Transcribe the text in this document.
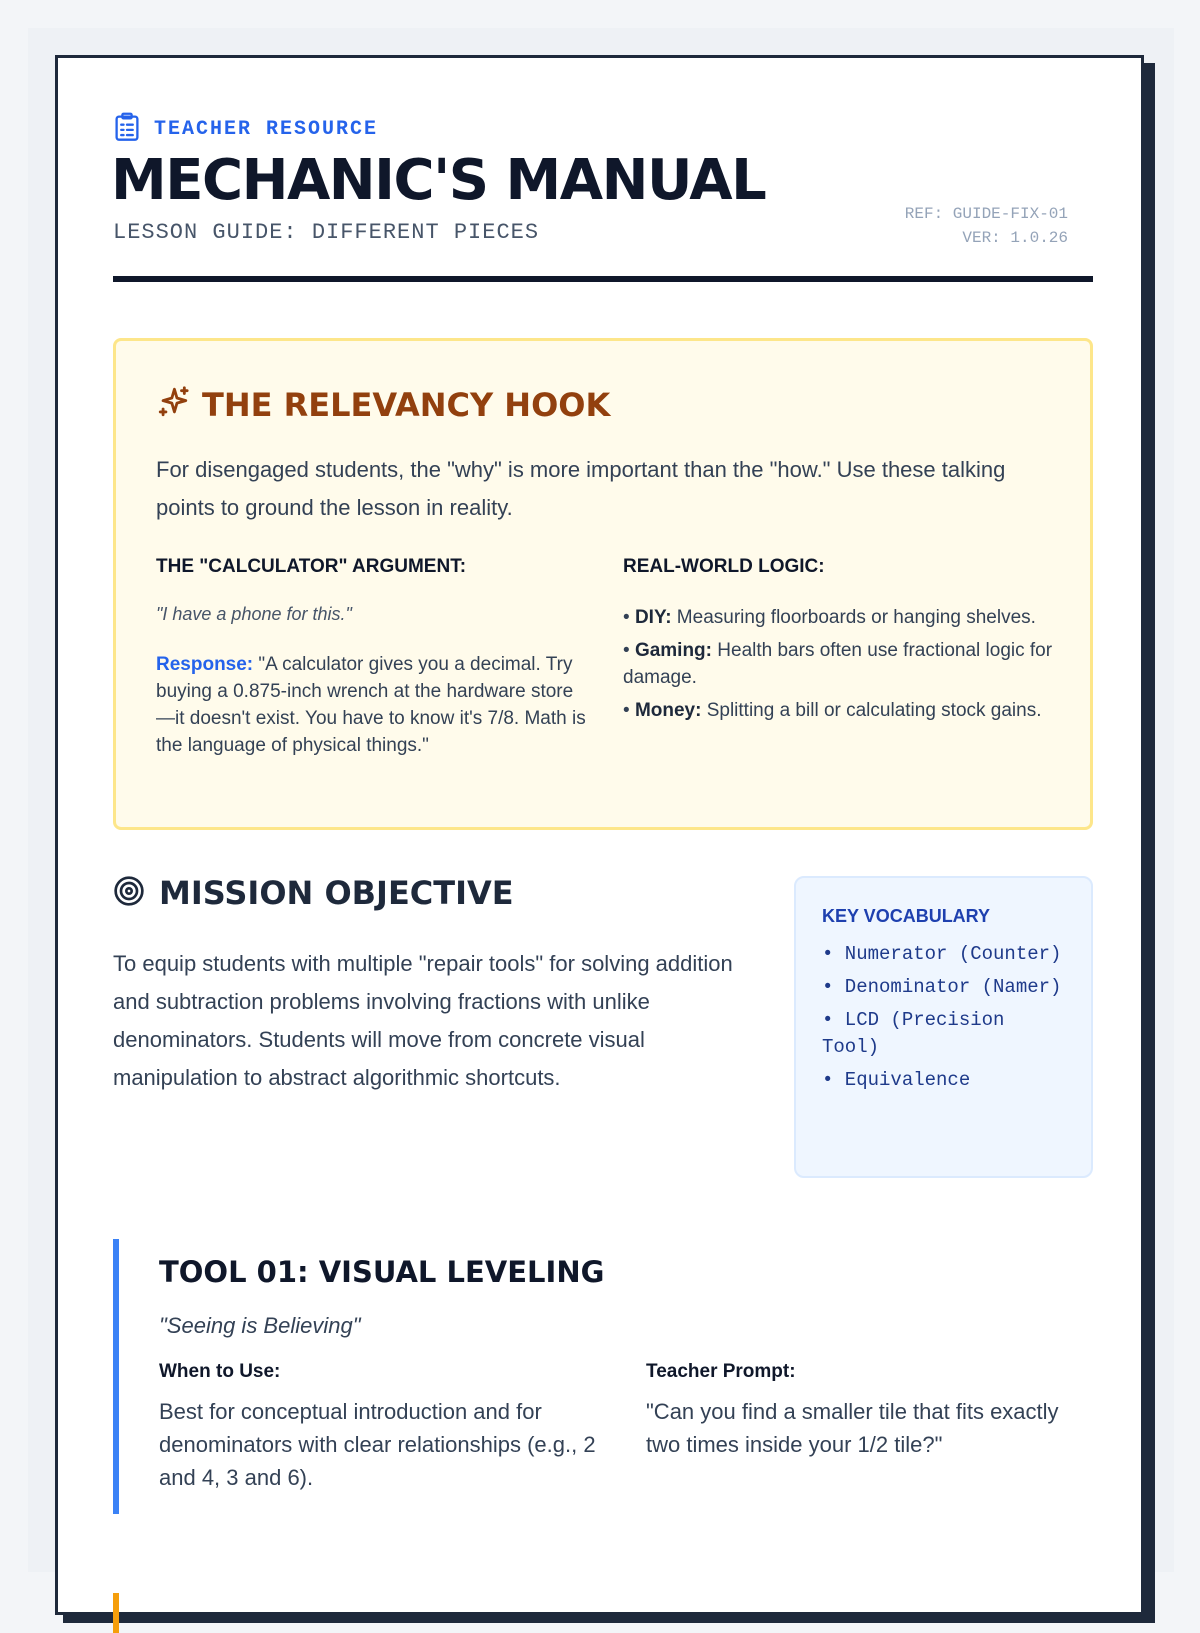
TEACHER RESOURCE
MECHANIC'S MANUAL
LESSON GUIDE: DIFFERENT PIECES
REF: GUIDE-FIX-01
VER: 1.0.26
THE RELEVANCY HOOK
For disengaged students, the "why" is more important than the "how." Use these talking points to ground the lesson in reality.
THE "CALCULATOR" ARGUMENT:
"I have a phone for this."
Response: "A calculator gives you a decimal. Try buying a 0.875-inch wrench at the hardware store—it doesn't exist. You have to know it's 7/8. Math is the language of physical things."
REAL-WORLD LOGIC:
• DIY: Measuring floorboards or hanging shelves.
• Gaming: Health bars often use fractional logic for damage.
• Money: Splitting a bill or calculating stock gains.
MISSION OBJECTIVE
To equip students with multiple "repair tools" for solving addition and subtraction problems involving fractions with unlike denominators. Students will move from concrete visual manipulation to abstract algorithmic shortcuts.
KEY VOCABULARY
• Numerator (Counter)
• Denominator (Namer)
• LCD (Precision Tool)
• Equivalence
TOOL 01: VISUAL LEVELING
"Seeing is Believing"
When to Use:
Best for conceptual introduction and for denominators with clear relationships (e.g., 2 and 4, 3 and 6).
Teacher Prompt:
"Can you find a smaller tile that fits exactly two times inside your 1/2 tile?"
